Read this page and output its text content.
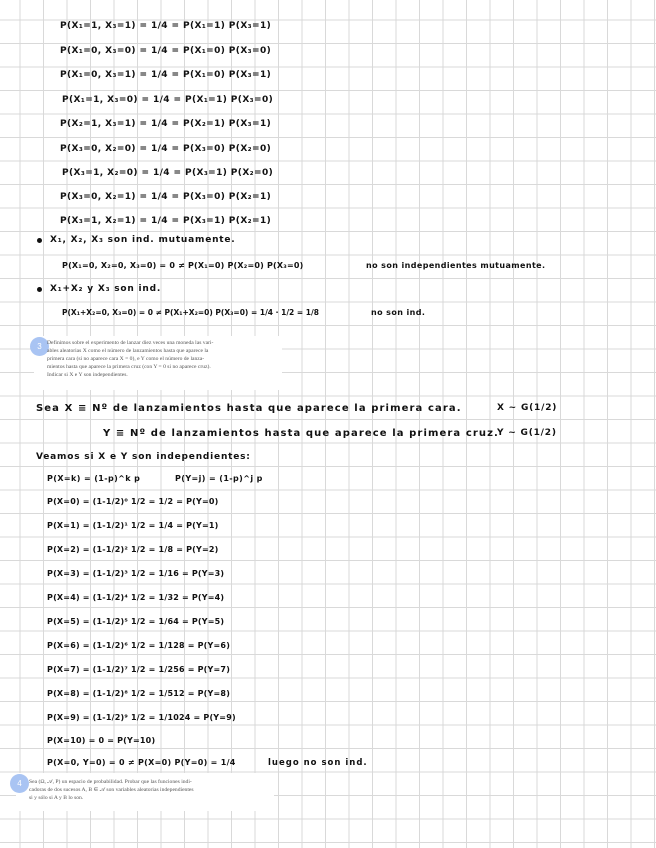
P(X₁=1, X₃=1) = 1/4 = P(X₁=1) P(X₃=1)
P(X₁=0, X₃=0) = 1/4 = P(X₁=0) P(X₃=0)
P(X₁=0, X₃=1) = 1/4 = P(X₁=0) P(X₃=1)
P(X₁=1, X₃=0) = 1/4 = P(X₁=1) P(X₃=0)
P(X₂=1, X₃=1) = 1/4 = P(X₂=1) P(X₃=1)
P(X₃=0, X₂=0) = 1/4 = P(X₃=0) P(X₂=0)
P(X₃=1, X₂=0) = 1/4 = P(X₃=1) P(X₂=0)
P(X₃=0, X₂=1) = 1/4 = P(X₃=0) P(X₂=1)
P(X₃=1, X₂=1) = 1/4 = P(X₃=1) P(X₂=1)
X₁, X₂, X₃ son ind. mutuamente.
P(X₁=0, X₂=0, X₃=0) = 0 ≠ P(X₁=0) P(X₂=0) P(X₃=0)	no son independientes mutuamente.
X₁+X₂ y X₃ son ind.
P(X₁+X₂=0, X₃=0) = 0 ≠ P(X₁+X₂=0) P(X₃=0) = 1/4 · 1/2 = 1/8	no son ind.
3 Definimos sobre el experimento de lanzar diez veces una moneda las vari-
ables aleatorias X como el número de lanzamientos hasta que aparece la
primera cara (si no aparece cara X = 0), e Y como el número de lanza-
mientos hasta que aparece la primera cruz (con Y = 0 si no aparece cruz).
Indicar si X e Y son independientes.
Sea X ≡ Nº de lanzamientos hasta que aparece la primera cara.	X ~ G(1/2)
Y ≡ Nº de lanzamientos hasta que aparece la primera cruz.
Y ~ G(1/2)
Veamos si X e Y son independientes:
P(X=k) = (1-p)^k p	P(Y=j) = (1-p)^j p
P(X=0) = (1-1/2)⁰ 1/2 = 1/2 = P(Y=0)
P(X=1) = (1-1/2)¹ 1/2 = 1/4 = P(Y=1)
P(X=2) = (1-1/2)² 1/2 = 1/8 = P(Y=2)
P(X=3) = (1-1/2)³ 1/2 = 1/16 = P(Y=3)
P(X=4) = (1-1/2)⁴ 1/2 = 1/32 = P(Y=4)
P(X=5) = (1-1/2)⁵ 1/2 = 1/64 = P(Y=5)
P(X=6) = (1-1/2)⁶ 1/2 = 1/128 = P(Y=6)
P(X=7) = (1-1/2)⁷ 1/2 = 1/256 = P(Y=7)
P(X=8) = (1-1/2)⁸ 1/2 = 1/512 = P(Y=8)
P(X=9) = (1-1/2)⁹ 1/2 = 1/1024 = P(Y=9)
P(X=10) = 0 = P(Y=10)
P(X=0, Y=0) = 0 ≠ P(X=0) P(Y=0) = 1/4	luego no son ind.
4	Sea (Ω, 𝒜, P) un espacio de probabilidad. Probar que las funciones indi-
cadoras de dos sucesos A, B ∈ 𝒜 son variables aleatorias independientes
si y sólo si A y B lo son.
